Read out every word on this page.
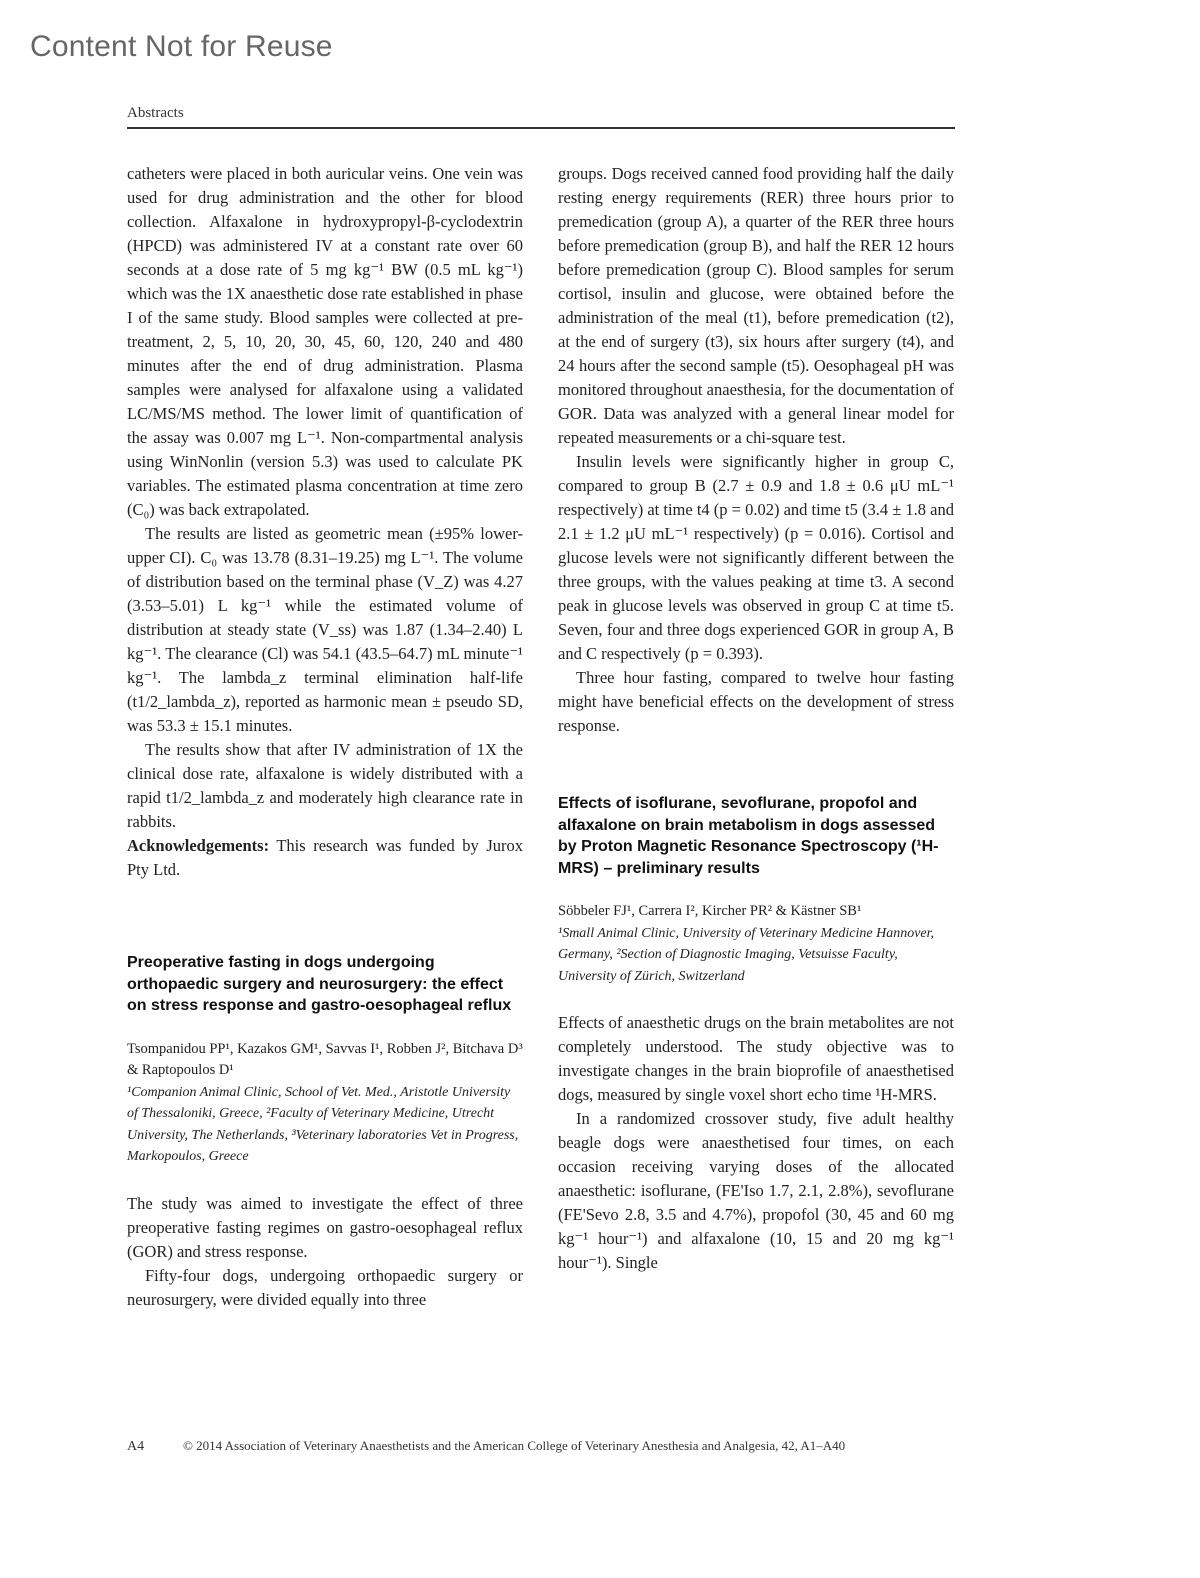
Content Not for Reuse
Abstracts

catheters were placed in both auricular veins. One vein was used for drug administration and the other for blood collection. Alfaxalone in hydroxypropyl-β-cyclodextrin (HPCD) was administered IV at a constant rate over 60 seconds at a dose rate of 5 mg kg⁻¹ BW (0.5 mL kg⁻¹) which was the 1X anaesthetic dose rate established in phase I of the same study. Blood samples were collected at pre-treatment, 2, 5, 10, 20, 30, 45, 60, 120, 240 and 480 minutes after the end of drug administration. Plasma samples were analysed for alfaxalone using a validated LC/MS/MS method. The lower limit of quantification of the assay was 0.007 mg L⁻¹. Non-compartmental analysis using WinNonlin (version 5.3) was used to calculate PK variables. The estimated plasma concentration at time zero (C₀) was back extrapolated.

The results are listed as geometric mean (±95% lower-upper CI). C₀ was 13.78 (8.31–19.25) mg L⁻¹. The volume of distribution based on the terminal phase (V_Z) was 4.27 (3.53–5.01) L kg⁻¹ while the estimated volume of distribution at steady state (V_ss) was 1.87 (1.34–2.40) L kg⁻¹. The clearance (Cl) was 54.1 (43.5–64.7) mL minute⁻¹ kg⁻¹. The lambda_z terminal elimination half-life (t1/2_lambda_z), reported as harmonic mean ± pseudo SD, was 53.3 ± 15.1 minutes.

The results show that after IV administration of 1X the clinical dose rate, alfaxalone is widely distributed with a rapid t1/2_lambda_z and moderately high clearance rate in rabbits.

Acknowledgements: This research was funded by Jurox Pty Ltd.

Preoperative fasting in dogs undergoing orthopaedic surgery and neurosurgery: the effect on stress response and gastro-oesophageal reflux
Tsompanidou PP¹, Kazakos GM¹, Savvas I¹, Robben J², Bitchava D³ & Raptopoulos D¹
¹Companion Animal Clinic, School of Vet. Med., Aristotle University of Thessaloniki, Greece, ²Faculty of Veterinary Medicine, Utrecht University, The Netherlands, ³Veterinary laboratories Vet in Progress, Markopoulos, Greece

The study was aimed to investigate the effect of three preoperative fasting regimes on gastro-oesophageal reflux (GOR) and stress response.

Fifty-four dogs, undergoing orthopaedic surgery or neurosurgery, were divided equally into three

groups. Dogs received canned food providing half the daily resting energy requirements (RER) three hours prior to premedication (group A), a quarter of the RER three hours before premedication (group B), and half the RER 12 hours before premedication (group C). Blood samples for serum cortisol, insulin and glucose, were obtained before the administration of the meal (t1), before premedication (t2), at the end of surgery (t3), six hours after surgery (t4), and 24 hours after the second sample (t5). Oesophageal pH was monitored throughout anaesthesia, for the documentation of GOR. Data was analyzed with a general linear model for repeated measurements or a chi-square test.

Insulin levels were significantly higher in group C, compared to group B (2.7 ± 0.9 and 1.8 ± 0.6 μU mL⁻¹ respectively) at time t4 (p = 0.02) and time t5 (3.4 ± 1.8 and 2.1 ± 1.2 μU mL⁻¹ respectively) (p = 0.016). Cortisol and glucose levels were not significantly different between the three groups, with the values peaking at time t3. A second peak in glucose levels was observed in group C at time t5. Seven, four and three dogs experienced GOR in group A, B and C respectively (p = 0.393).

Three hour fasting, compared to twelve hour fasting might have beneficial effects on the development of stress response.

Effects of isoflurane, sevoflurane, propofol and alfaxalone on brain metabolism in dogs assessed by Proton Magnetic Resonance Spectroscopy (¹H-MRS) – preliminary results
Söbbeler FJ¹, Carrera I², Kircher PR² & Kästner SB¹
¹Small Animal Clinic, University of Veterinary Medicine Hannover, Germany, ²Section of Diagnostic Imaging, Vetsuisse Faculty, University of Zürich, Switzerland

Effects of anaesthetic drugs on the brain metabolites are not completely understood. The study objective was to investigate changes in the brain bioprofile of anaesthetised dogs, measured by single voxel short echo time ¹H-MRS.

In a randomized crossover study, five adult healthy beagle dogs were anaesthetised four times, on each occasion receiving varying doses of the allocated anaesthetic: isoflurane, (FE'Iso 1.7, 2.1, 2.8%), sevoflurane (FE'Sevo 2.8, 3.5 and 4.7%), propofol (30, 45 and 60 mg kg⁻¹ hour⁻¹) and alfaxalone (10, 15 and 20 mg kg⁻¹ hour⁻¹). Single

A4	© 2014 Association of Veterinary Anaesthetists and the American College of Veterinary Anesthesia and Analgesia, 42, A1–A40
